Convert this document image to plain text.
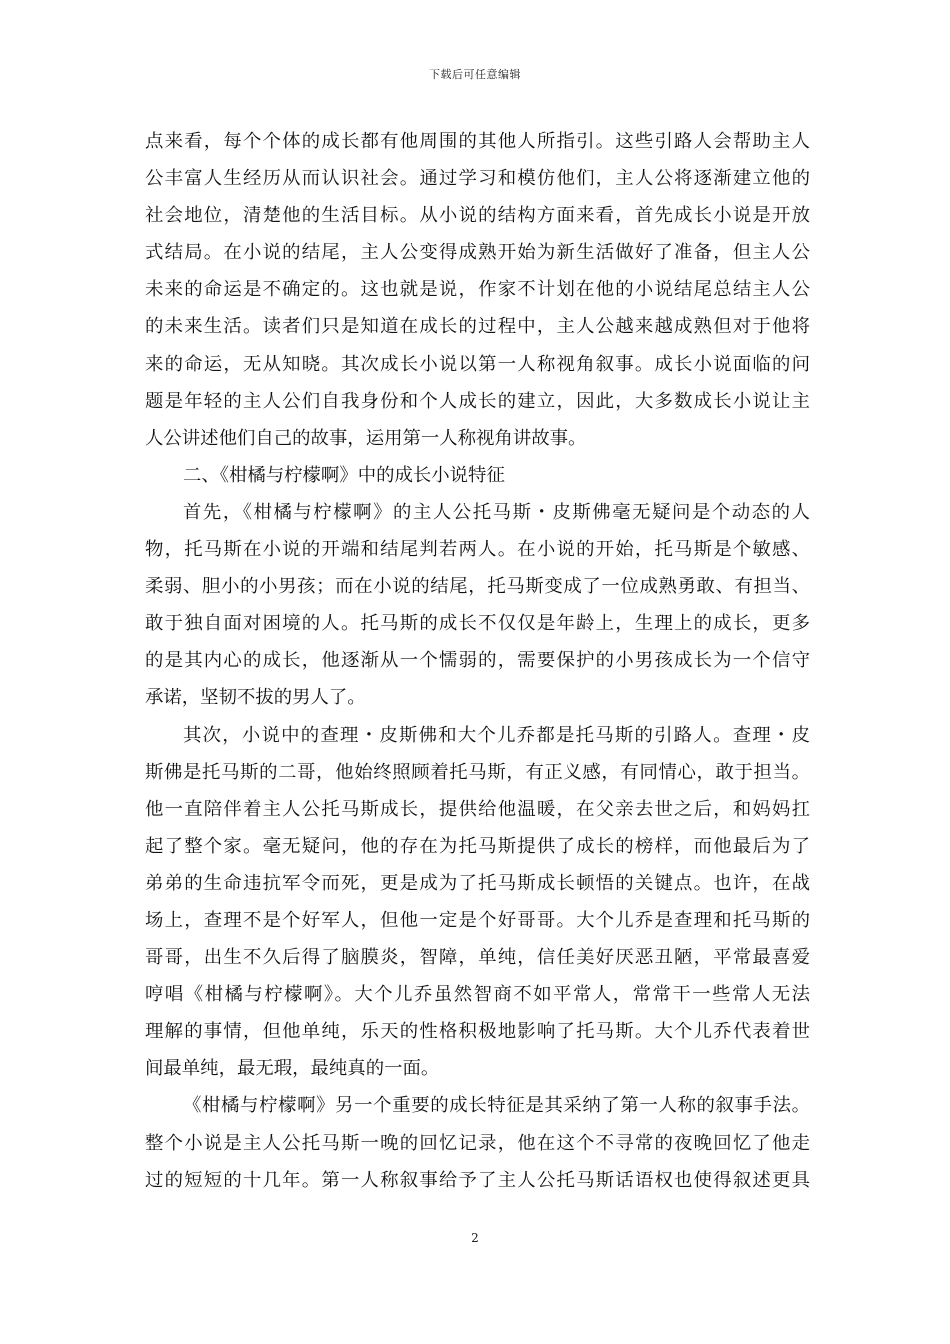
下载后可任意编辑
点来看，每个个体的成长都有他周围的其他人所指引。这些引路人会帮助主人
公丰富人生经历从而认识社会。通过学习和模仿他们，主人公将逐渐建立他的
社会地位，清楚他的生活目标。从小说的结构方面来看，首先成长小说是开放
式结局。在小说的结尾，主人公变得成熟开始为新生活做好了准备，但主人公
未来的命运是不确定的。这也就是说，作家不计划在他的小说结尾总结主人公
的未来生活。读者们只是知道在成长的过程中，主人公越来越成熟但对于他将
来的命运，无从知晓。其次成长小说以第一人称视角叙事。成长小说面临的问
题是年轻的主人公们自我身份和个人成长的建立，因此，大多数成长小说让主
人公讲述他们自己的故事，运用第一人称视角讲故事。
二、《柑橘与柠檬啊》中的成长小说特征
首先，《柑橘与柠檬啊》的主人公托马斯・皮斯佛毫无疑问是个动态的人
物，托马斯在小说的开端和结尾判若两人。在小说的开始，托马斯是个敏感、
柔弱、胆小的小男孩；而在小说的结尾，托马斯变成了一位成熟勇敢、有担当、
敢于独自面对困境的人。托马斯的成长不仅仅是年龄上，生理上的成长，更多
的是其内心的成长，他逐渐从一个懦弱的，需要保护的小男孩成长为一个信守
承诺，坚韧不拔的男人了。
其次，小说中的查理・皮斯佛和大个儿乔都是托马斯的引路人。查理・皮
斯佛是托马斯的二哥，他始终照顾着托马斯，有正义感，有同情心，敢于担当。
他一直陪伴着主人公托马斯成长，提供给他温暖，在父亲去世之后，和妈妈扛
起了整个家。毫无疑问，他的存在为托马斯提供了成长的榜样，而他最后为了
弟弟的生命违抗军令而死，更是成为了托马斯成长顿悟的关键点。也许，在战
场上，查理不是个好军人，但他一定是个好哥哥。大个儿乔是查理和托马斯的
哥哥，出生不久后得了脑膜炎，智障，单纯，信任美好厌恶丑陋，平常最喜爱
哼唱《柑橘与柠檬啊》。大个儿乔虽然智商不如平常人，常常干一些常人无法
理解的事情，但他单纯，乐天的性格积极地影响了托马斯。大个儿乔代表着世
间最单纯，最无瑕，最纯真的一面。
《柑橘与柠檬啊》另一个重要的成长特征是其采纳了第一人称的叙事手法。
整个小说是主人公托马斯一晚的回忆记录，他在这个不寻常的夜晚回忆了他走
过的短短的十几年。第一人称叙事给予了主人公托马斯话语权也使得叙述更具
2
